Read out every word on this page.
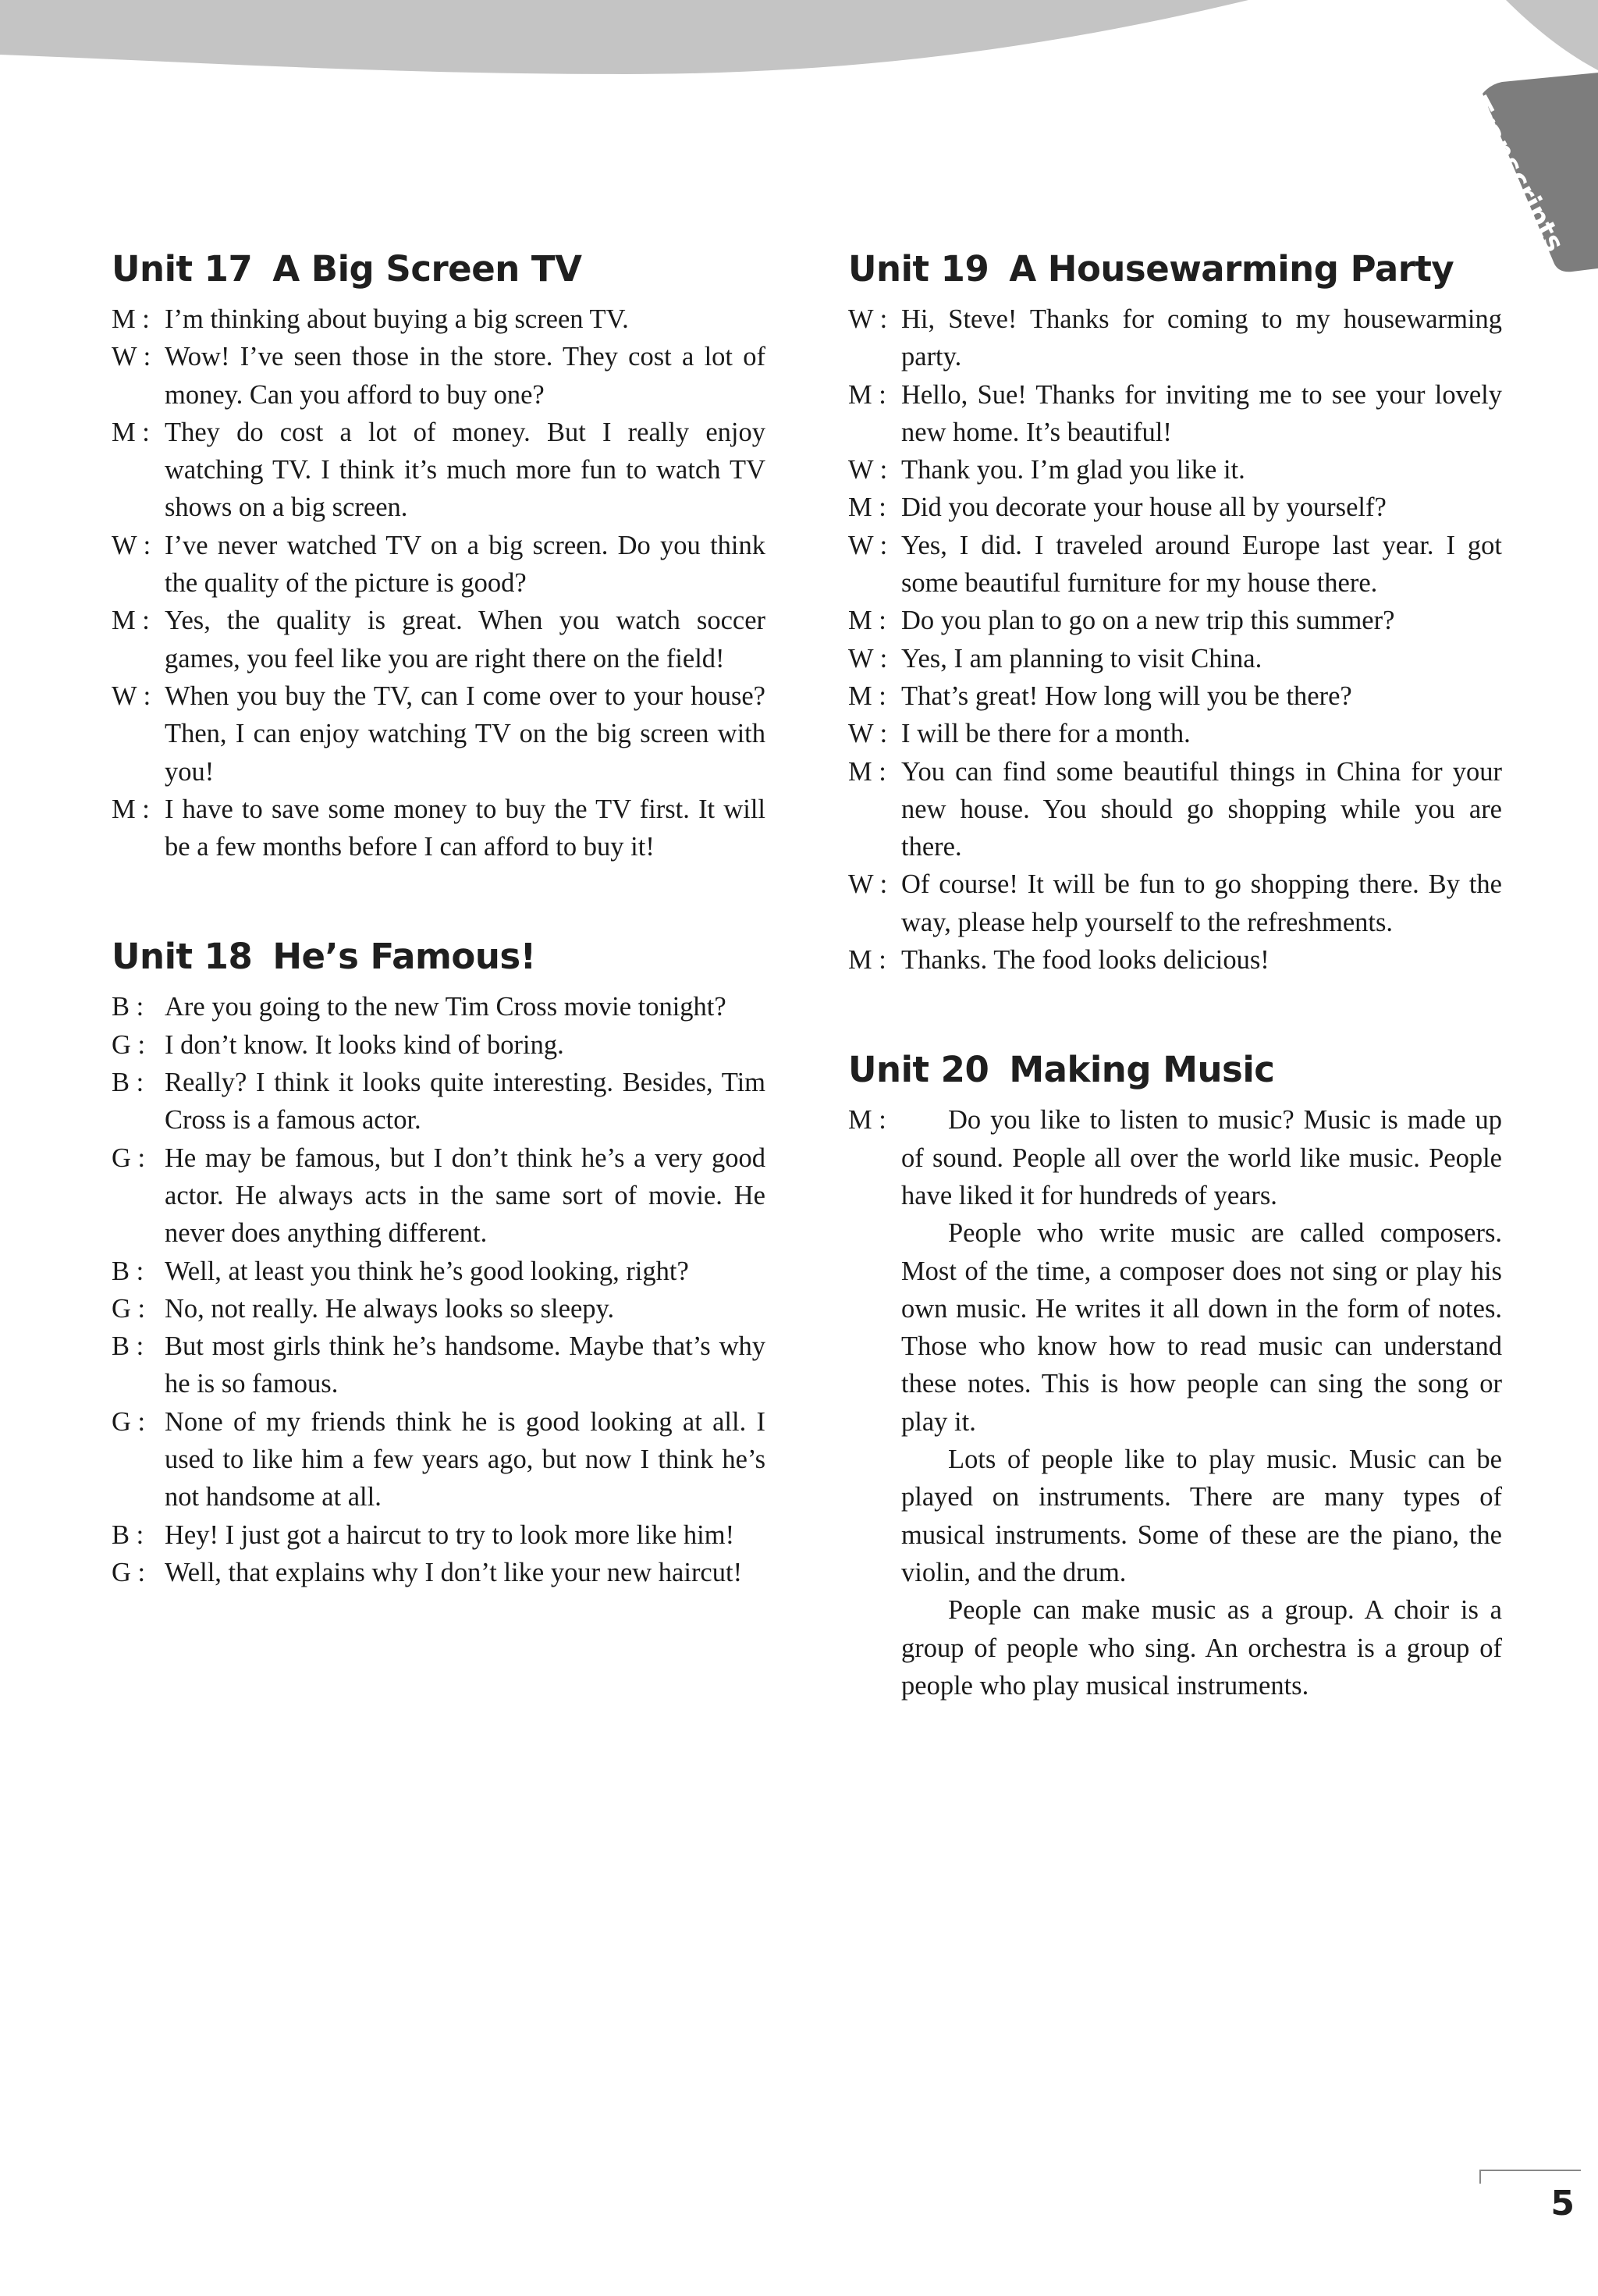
Transcripts
Unit 17 A Big Screen TV
M : I’m thinking about buying a big screen TV.
W : Wow! I’ve seen those in the store. They cost a lot of money. Can you afford to buy one?
M : They do cost a lot of money. But I really enjoy watching TV. I think it’s much more fun to watch TV shows on a big screen.
W : I’ve never watched TV on a big screen. Do you think the quality of the picture is good?
M : Yes, the quality is great. When you watch soccer games, you feel like you are right there on the field!
W : When you buy the TV, can I come over to your house? Then, I can enjoy watching TV on the big screen with you!
M : I have to save some money to buy the TV first. It will be a few months before I can afford to buy it!
Unit 18 He’s Famous!
B : Are you going to the new Tim Cross movie tonight?
G : I don’t know. It looks kind of boring.
B : Really? I think it looks quite interesting. Besides, Tim Cross is a famous actor.
G : He may be famous, but I don’t think he’s a very good actor. He always acts in the same sort of movie. He never does anything different.
B : Well, at least you think he’s good looking, right?
G : No, not really. He always looks so sleepy.
B : But most girls think he’s handsome. Maybe that’s why he is so famous.
G : None of my friends think he is good looking at all. I used to like him a few years ago, but now I think he’s not handsome at all.
B : Hey! I just got a haircut to try to look more like him!
G : Well, that explains why I don’t like your new haircut!
Unit 19 A Housewarming Party
W : Hi, Steve! Thanks for coming to my housewarming party.
M : Hello, Sue! Thanks for inviting me to see your lovely new home. It’s beautiful!
W : Thank you. I’m glad you like it.
M : Did you decorate your house all by yourself?
W : Yes, I did. I traveled around Europe last year. I got some beautiful furniture for my house there.
M : Do you plan to go on a new trip this summer?
W : Yes, I am planning to visit China.
M : That’s great! How long will you be there?
W : I will be there for a month.
M : You can find some beautiful things in China for your new house. You should go shopping while you are there.
W : Of course! It will be fun to go shopping there. By the way, please help yourself to the refreshments.
M : Thanks. The food looks delicious!
Unit 20 Making Music
M :	Do you like to listen to music? Music is made up of sound. People all over the world like music. People have liked it for hundreds of years.

People who write music are called composers. Most of the time, a composer does not sing or play his own music. He writes it all down in the form of notes. Those who know how to read music can understand these notes. This is how people can sing the song or play it.

Lots of people like to play music. Music can be played on instruments. There are many types of musical instruments. Some of these are the piano, the violin, and the drum.

People can make music as a group. A choir is a group of people who sing. An orchestra is a group of people who play musical instruments.

5
